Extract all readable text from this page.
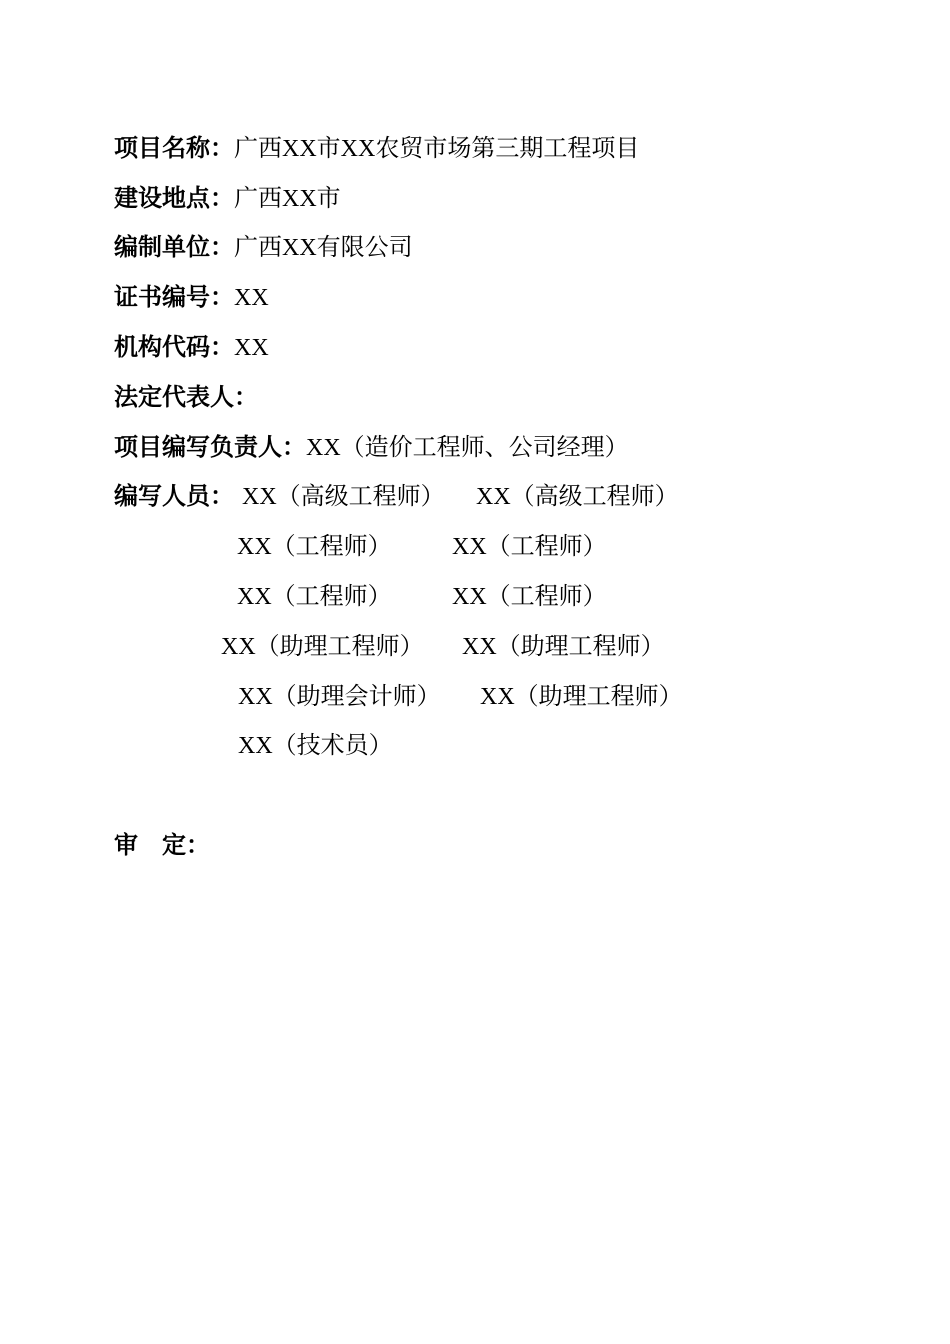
项目名称：广西XX市XX农贸市场第三期工程项目
建设地点：广西XX市
编制单位：广西XX有限公司
证书编号：XX
机构代码：XX
法定代表人：
项目编写负责人：XX（造价工程师、公司经理）
编写人员： XX（高级工程师） XX（高级工程师）
XX（工程师）	XX（工程师）
XX（工程师）	XX（工程师）
XX（助理工程师） XX（助理工程师）
XX（助理会计师） XX（助理工程师）
XX（技术员）
审　定：
